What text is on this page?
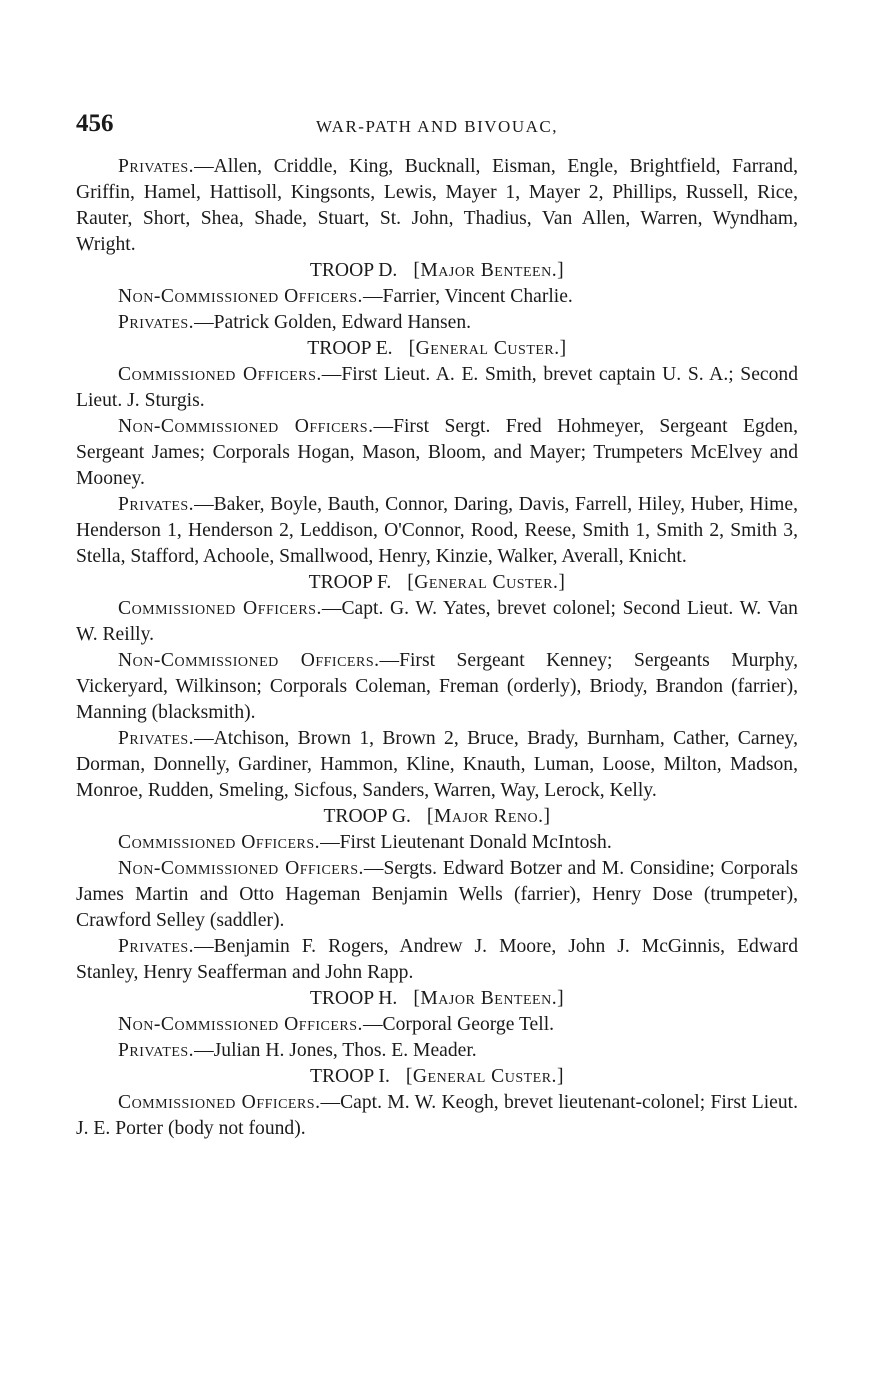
456	WAR-PATH AND BIVOUAC,

Privates.—Allen, Criddle, King, Bucknall, Eisman, Engle, Brightfield, Farrand, Griffin, Hamel, Hattisoll, Kingsonts, Lewis, Mayer 1, Mayer 2, Phillips, Russell, Rice, Rauter, Short, Shea, Shade, Stuart, St. John, Thadius, Van Allen, Warren, Wyndham, Wright.

TROOP D. [Major Benteen.]

Non-Commissioned Officers.—Farrier, Vincent Charlie.

Privates.—Patrick Golden, Edward Hansen.

TROOP E. [General Custer.]

Commissioned Officers.—First Lieut. A. E. Smith, brevet captain U. S. A.; Second Lieut. J. Sturgis.

Non-Commissioned Officers.—First Sergt. Fred Hohmeyer, Sergeant Egden, Sergeant James; Corporals Hogan, Mason, Bloom, and Mayer; Trumpeters McElvey and Mooney.

Privates.—Baker, Boyle, Bauth, Connor, Daring, Davis, Farrell, Hiley, Huber, Hime, Henderson 1, Henderson 2, Leddison, O'Connor, Rood, Reese, Smith 1, Smith 2, Smith 3, Stella, Stafford, Achoole, Smallwood, Henry, Kinzie, Walker, Averall, Knicht.

TROOP F. [General Custer.]

Commissioned Officers.—Capt. G. W. Yates, brevet colonel; Second Lieut. W. Van W. Reilly.

Non-Commissioned Officers.—First Sergeant Kenney; Sergeants Murphy, Vickeryard, Wilkinson; Corporals Coleman, Freman (orderly), Briody, Brandon (farrier), Manning (blacksmith).

Privates.—Atchison, Brown 1, Brown 2, Bruce, Brady, Burnham, Cather, Carney, Dorman, Donnelly, Gardiner, Hammon, Kline, Knauth, Luman, Loose, Milton, Madson, Monroe, Rudden, Smeling, Sicfous, Sanders, Warren, Way, Lerock, Kelly.

TROOP G. [Major Reno.]

Commissioned Officers.—First Lieutenant Donald McIntosh.

Non-Commissioned Officers.—Sergts. Edward Botzer and M. Considine; Corporals James Martin and Otto Hageman Benjamin Wells (farrier), Henry Dose (trumpeter), Crawford Selley (saddler).

Privates.—Benjamin F. Rogers, Andrew J. Moore, John J. McGinnis, Edward Stanley, Henry Seafferman and John Rapp.

TROOP H. [Major Benteen.]

Non-Commissioned Officers.—Corporal George Tell.

Privates.—Julian H. Jones, Thos. E. Meader.

TROOP I. [General Custer.]

Commissioned Officers.—Capt. M. W. Keogh, brevet lieutenant-colonel; First Lieut. J. E. Porter (body not found).
